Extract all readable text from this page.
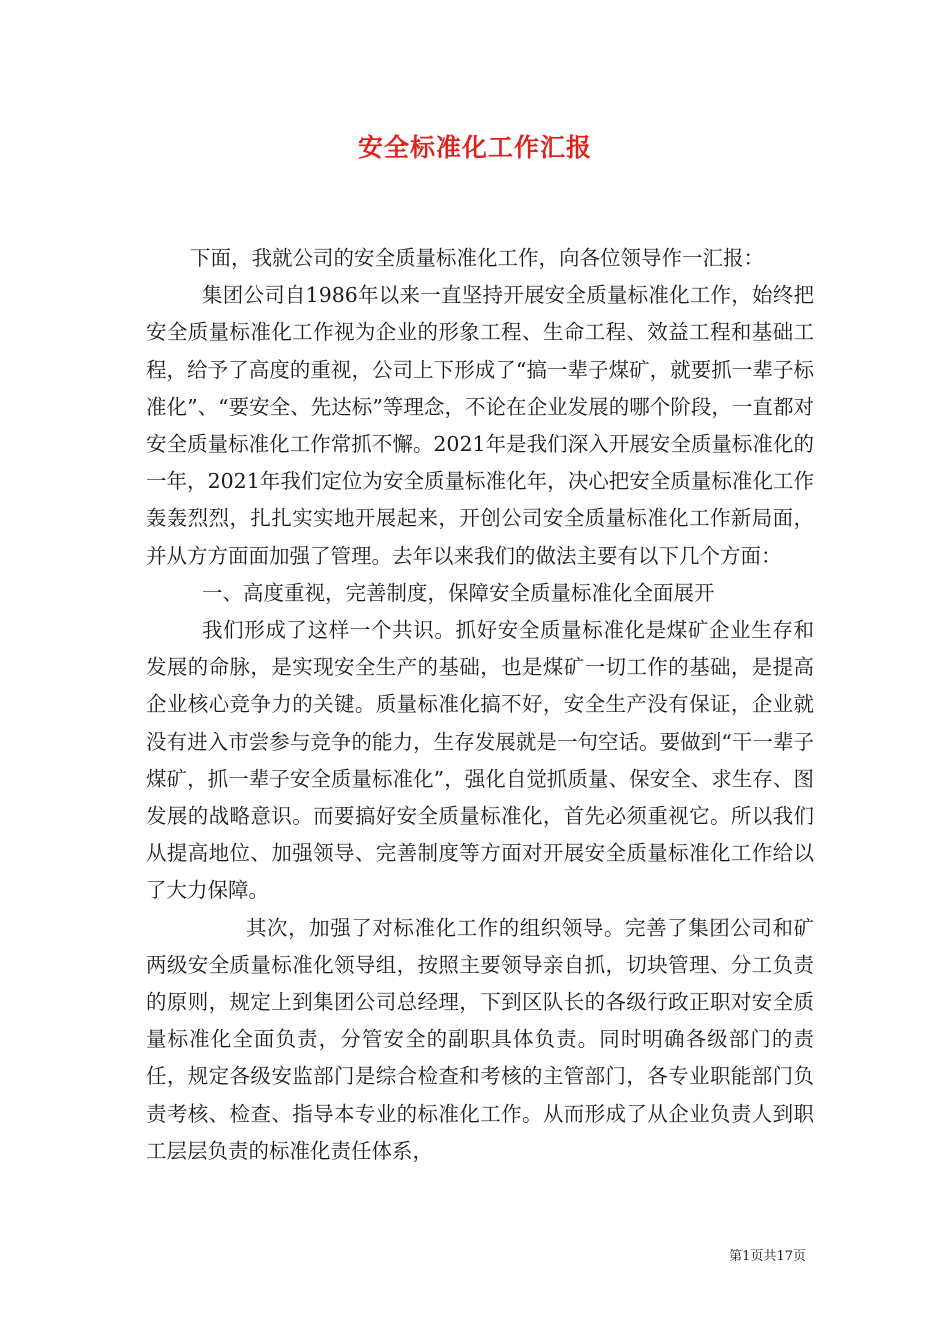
安全标准化工作汇报

下面，我就公司的安全质量标准化工作，向各位领导作一汇报：

集团公司自1986年以来一直坚持开展安全质量标准化工作，始终把安全质量标准化工作视为企业的形象工程、生命工程、效益工程和基础工程，给予了高度的重视，公司上下形成了“搞一辈子煤矿，就要抓一辈子标准化”、“要安全、先达标”等理念，不论在企业发展的哪个阶段，一直都对安全质量标准化工作常抓不懈。2021年是我们深入开展安全质量标准化的一年，2021年我们定位为安全质量标准化年，决心把安全质量标准化工作轰轰烈烈，扎扎实实地开展起来，开创公司安全质量标准化工作新局面，并从方方面面加强了管理。去年以来我们的做法主要有以下几个方面：

一、高度重视，完善制度，保障安全质量标准化全面展开

我们形成了这样一个共识。抓好安全质量标准化是煤矿企业生存和发展的命脉，是实现安全生产的基础，也是煤矿一切工作的基础，是提高企业核心竞争力的关键。质量标准化搞不好，安全生产没有保证，企业就没有进入市尝参与竞争的能力，生存发展就是一句空话。要做到“干一辈子煤矿，抓一辈子安全质量标准化”，强化自觉抓质量、保安全、求生存、图发展的战略意识。而要搞好安全质量标准化，首先必须重视它。所以我们从提高地位、加强领导、完善制度等方面对开展安全质量标准化工作给以了大力保障。

其次，加强了对标准化工作的组织领导。完善了集团公司和矿两级安全质量标准化领导组，按照主要领导亲自抓，切块管理、分工负责的原则，规定上到集团公司总经理，下到区队长的各级行政正职对安全质量标准化全面负责，分管安全的副职具体负责。同时明确各级部门的责任，规定各级安监部门是综合检查和考核的主管部门，各专业职能部门负责考核、检查、指导本专业的标准化工作。从而形成了从企业负责人到职工层层负责的标准化责任体系，

第1页共17页
